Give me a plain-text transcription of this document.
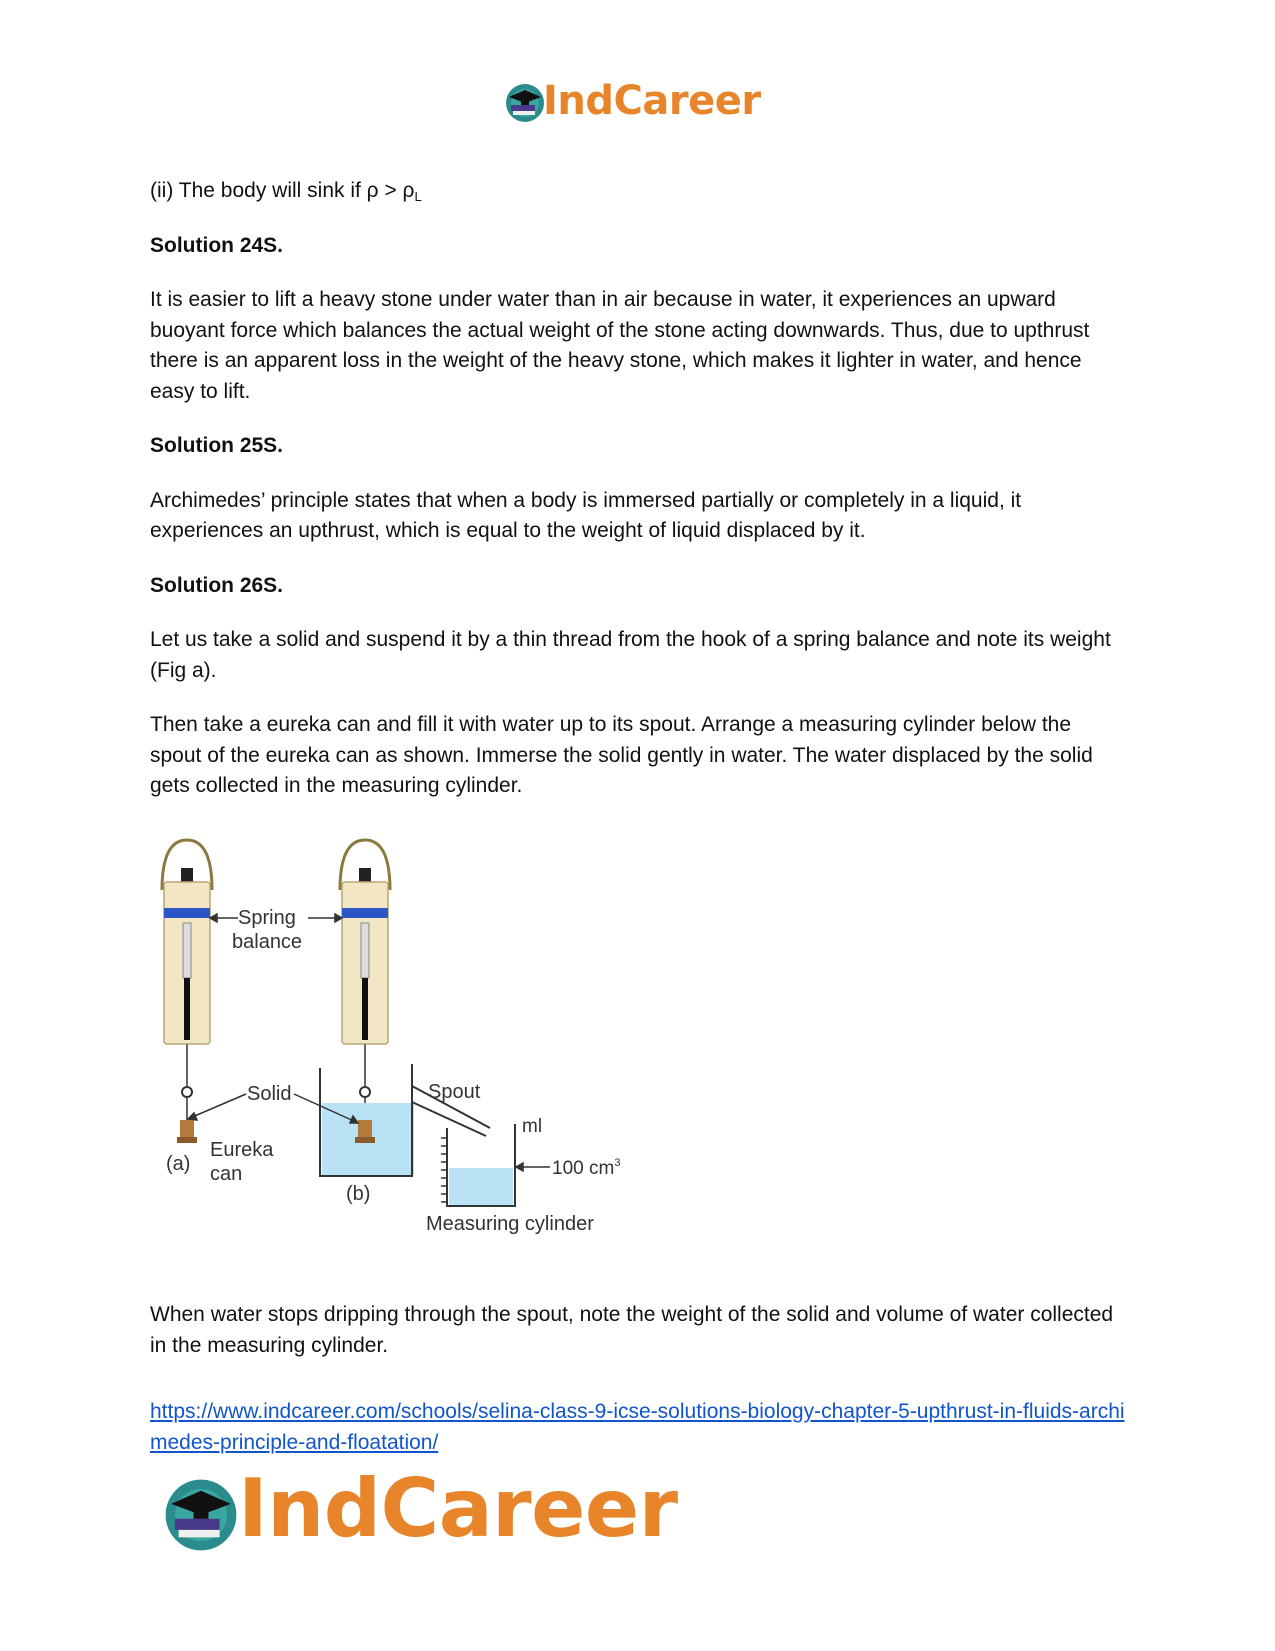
IndCareer

(ii) The body will sink if $\rho > \rho_L$

Solution 24S.

It is easier to lift a heavy stone under water than in air because in water, it experiences an upward buoyant force which balances the actual weight of the stone acting downwards. Thus, due to upthrust there is an apparent loss in the weight of the heavy stone, which makes it lighter in water, and hence easy to lift.

Solution 25S.

Archimedes’ principle states that when a body is immersed partially or completely in a liquid, it experiences an upthrust, which is equal to the weight of liquid displaced by it.

Solution 26S.

Let us take a solid and suspend it by a thin thread from the hook of a spring balance and note its weight (Fig a).

Then take a eureka can and fill it with water up to its spout. Arrange a measuring cylinder below the spout of the eureka can as shown. Immerse the solid gently in water. The water displaced by the solid gets collected in the measuring cylinder.

Spring
balance
Solid	Spout
ml
100 $cm^3$
Eureka
can
(a)
(b)
Measuring cylinder

When water stops dripping through the spout, note the weight of the solid and volume of water collected in the measuring cylinder.

https://www.indcareer.com/schools/selina-class-9-icse-solutions-biology-chapter-5-upthrust-in-fluids-archimedes-principle-and-floatation/
IndCareer
